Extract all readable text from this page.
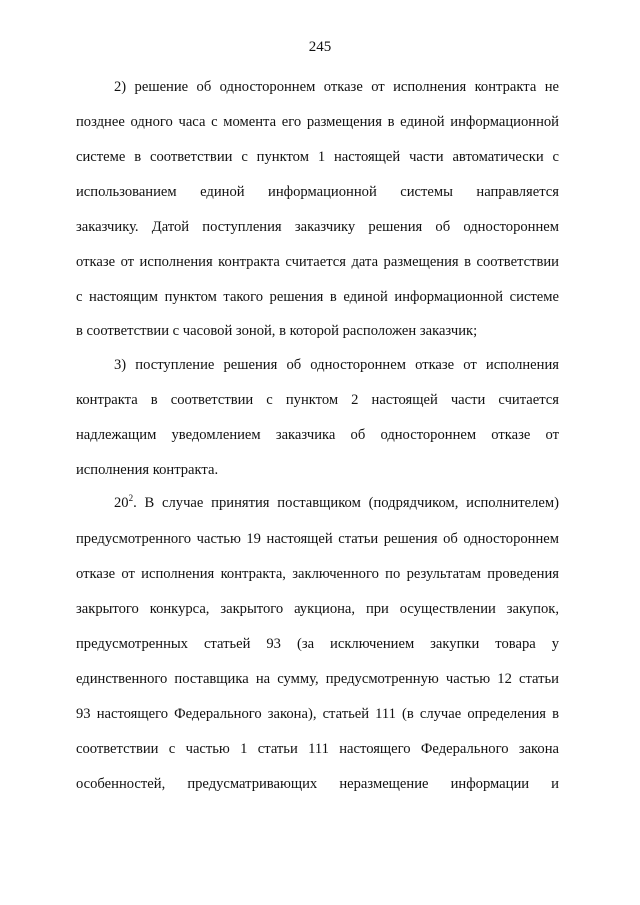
245
2) решение об одностороннем отказе от исполнения контракта не
позднее одного часа с момента его размещения в единой информационной
системе в соответствии с пунктом 1 настоящей части автоматически с
использованием единой информационной системы направляется
заказчику. Датой поступления заказчику решения об одностороннем
отказе от исполнения контракта считается дата размещения в соответствии
с настоящим пунктом такого решения в единой информационной системе
в соответствии с часовой зоной, в которой расположен заказчик;
3) поступление решения об одностороннем отказе от исполнения
контракта в соответствии с пунктом 2 настоящей части считается
надлежащим уведомлением заказчика об одностороннем отказе от
исполнения контракта.
$20^2$. В случае принятия поставщиком (подрядчиком, исполнителем)
предусмотренного частью 19 настоящей статьи решения об одностороннем
отказе от исполнения контракта, заключенного по результатам проведения
закрытого конкурса, закрытого аукциона, при осуществлении закупок,
предусмотренных статьей 93 (за исключением закупки товара у
единственного поставщика на сумму, предусмотренную частью 12 статьи
93 настоящего Федерального закона), статьей 111 (в случае определения в
соответствии с частью 1 статьи 111 настоящего Федерального закона
особенностей, предусматривающих неразмещение информации и
